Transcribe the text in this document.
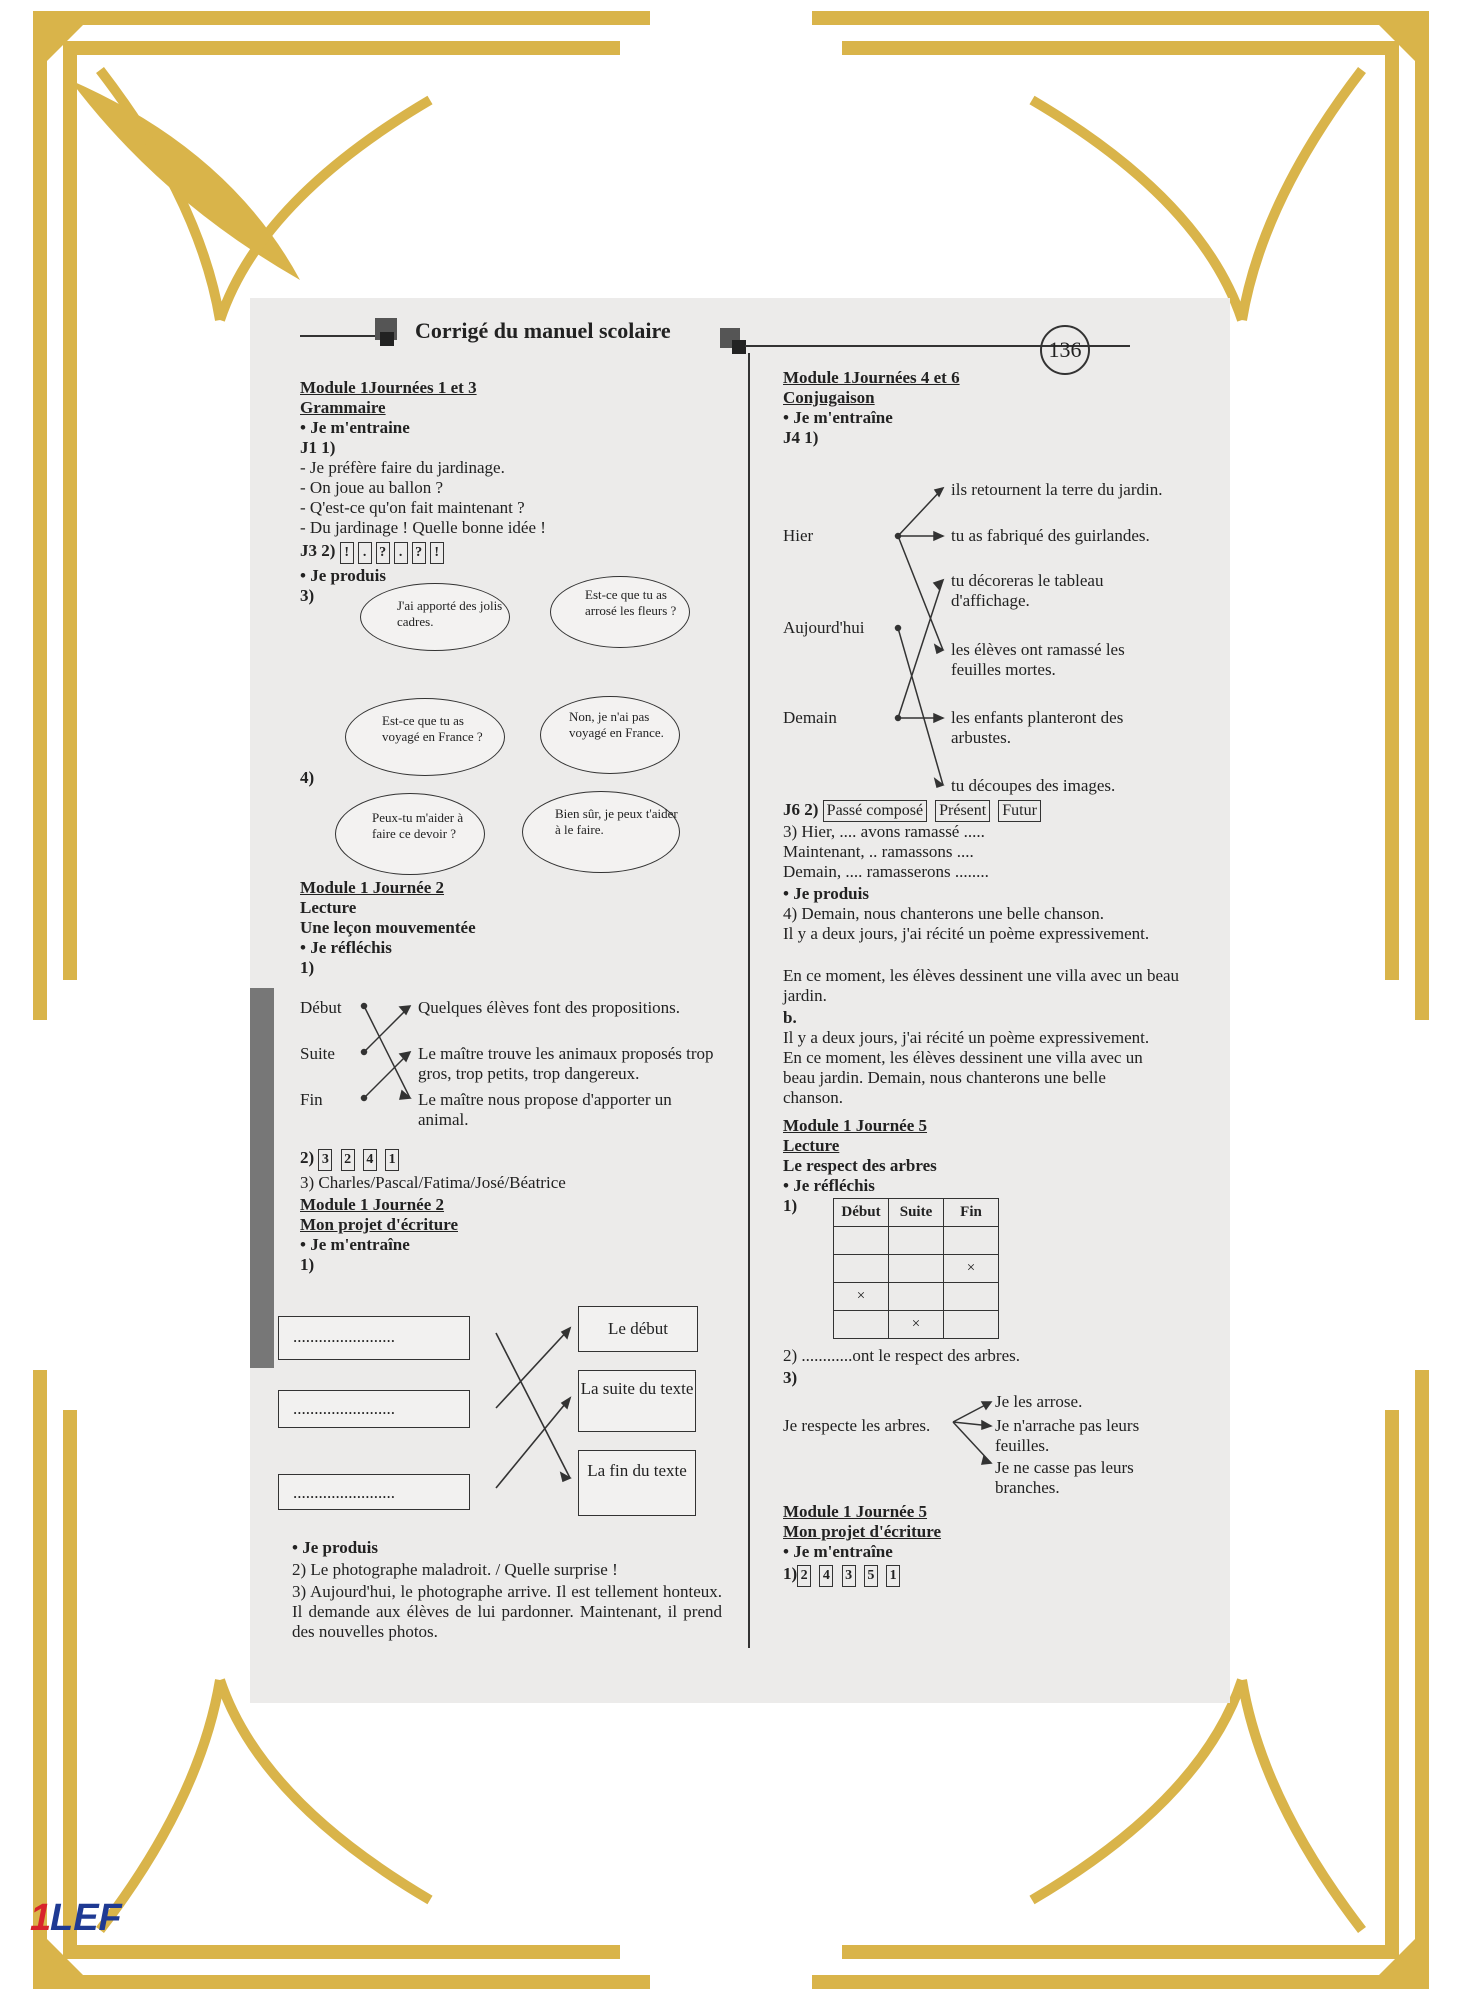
Corrigé du manuel scolaire
136
Module 1Journées 1 et 3
Grammaire
• Je m'entraine
J1 1)
- Je préfère faire du jardinage.
- On joue au ballon ?
- Q'est-ce qu'on fait maintenant ?
- Du jardinage ! Quelle bonne idée !
J3 2) ! . ? . ? !
• Je produis
3)
4)
J'ai apporté des jolis cadres.
Est-ce que tu as arrosé les fleurs ?
Est-ce que tu as voyagé en France ?
Non, je n'ai pas voyagé en France.
Peux-tu m'aider à faire ce devoir ?
Bien sûr, je peux t'aider à le faire.
Module 1 Journée 2
Lecture
Une leçon mouvementée
• Je réfléchis
1)
Début
Suite
Fin
Quelques élèves font des propositions.
Le maître trouve les animaux proposés trop gros, trop petits, trop dangereux.
Le maître nous propose d'apporter un animal.
2) 3 2 4 1
3) Charles/Pascal/Fatima/José/Béatrice
Module 1 Journée 2
Mon projet d'écriture
• Je m'entraîne
1)
........................
........................
........................
Le début
La suite du texte
La fin du texte
• Je produis
2) Le photographe maladroit. / Quelle surprise !
3) Aujourd'hui, le photographe arrive. Il est tellement honteux. Il demande aux élèves de lui pardonner. Maintenant, il prend des nouvelles photos.
Module 1Journées 4 et 6
Conjugaison
• Je m'entraîne
J4 1)
Hier
Aujourd'hui
Demain
ils retournent la terre du jardin.
tu as fabriqué des guirlandes.
tu décoreras le tableau d'affichage.
les élèves ont ramassé les feuilles mortes.
les enfants planteront des arbustes.
tu découpes des images.
J6 2) Passé composé Présent Futur
3) Hier, .... avons ramassé .....
Maintenant, .. ramassons ....
Demain, .... ramasserons ........
• Je produis
4) Demain, nous chanterons une belle chanson.
Il y a deux jours, j'ai récité un poème expressivement.
En ce moment, les élèves dessinent une villa avec un beau jardin.
b.
Il y a deux jours, j'ai récité un poème expressivement. En ce moment, les élèves dessinent une villa avec un beau jardin. Demain, nous chanterons une belle chanson.
Module 1 Journée 5
Lecture
Le respect des arbres
• Je réfléchis
1)	Début	Suite	Fin

		×
×		
	×	
2) ............ont le respect des arbres.
3)
Je respecte les arbres.
Je les arrose.
Je n'arrache pas leurs feuilles.
Je ne casse pas leurs branches.
Module 1 Journée 5
Mon projet d'écriture
• Je m'entraîne
1) 2 4 3 5 1
1
LEF
